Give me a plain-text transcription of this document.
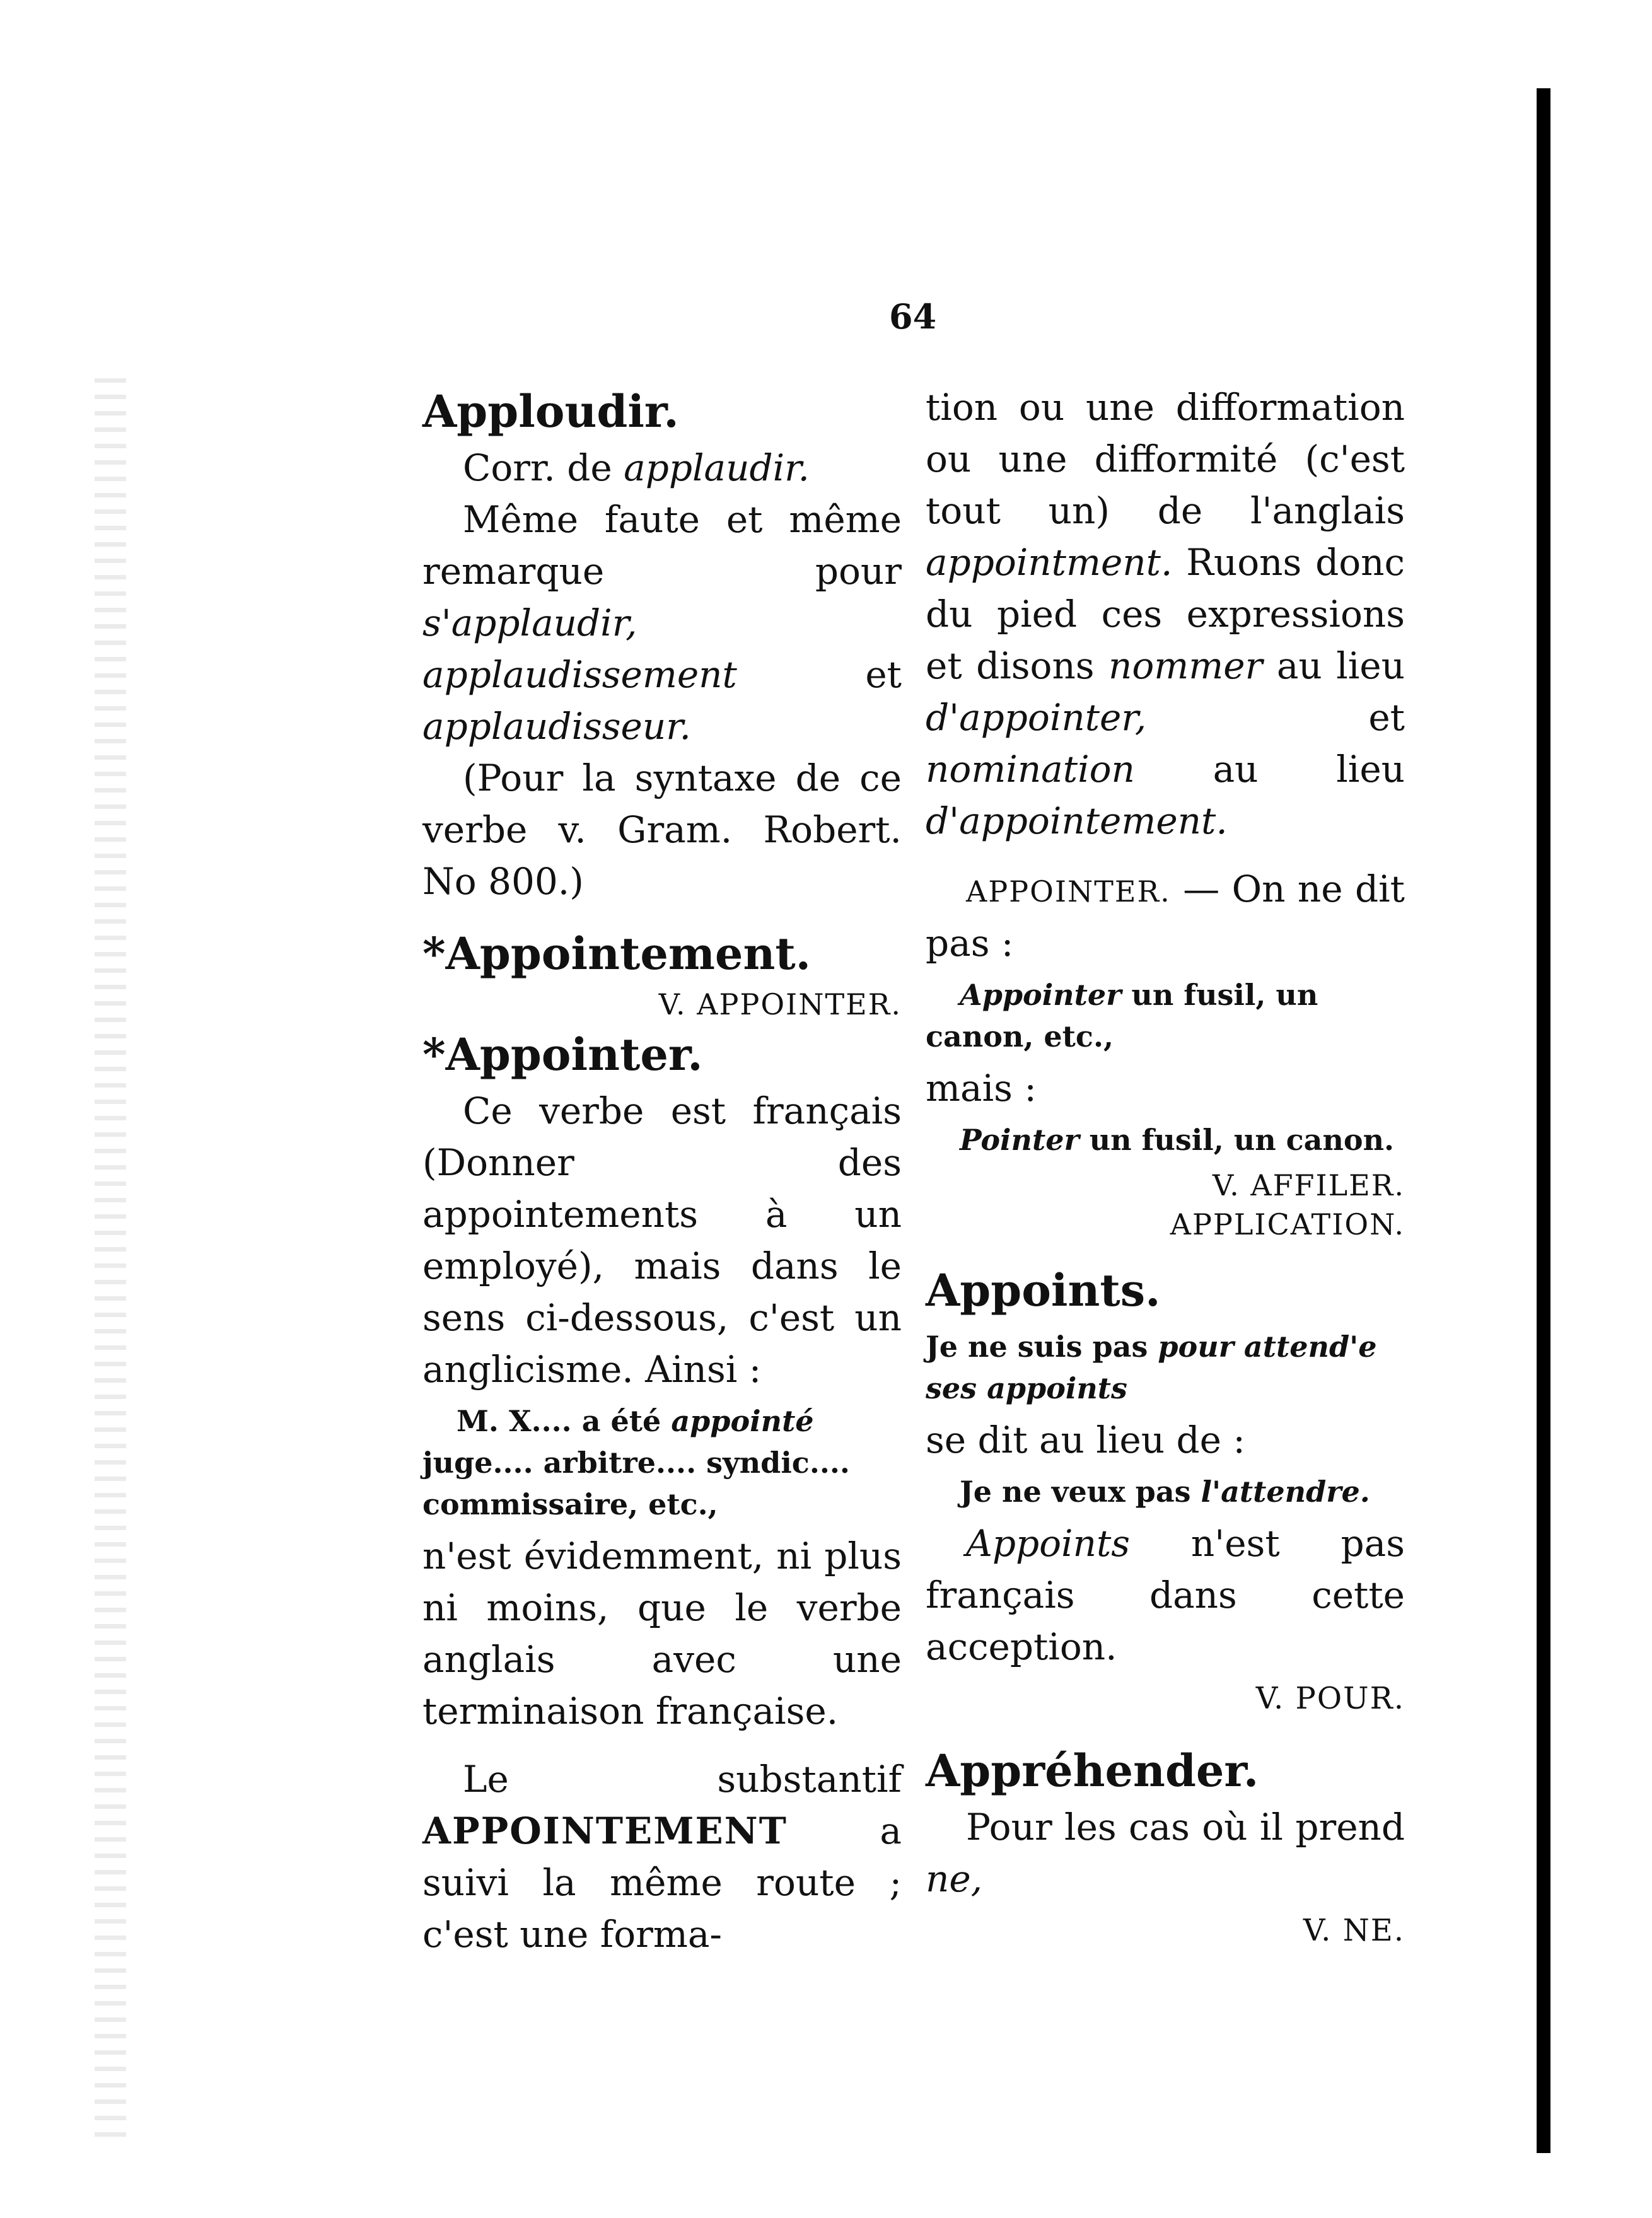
64

Apploudir.

Corr. de applaudir.

Même faute et même remarque pour s'applaudir, applaudissement et applaudisseur.

(Pour la syntaxe de ce verbe v. Gram. Robert. No 800.)

*Appointement.

V. APPOINTER.

*Appointer.

Ce verbe est français (Donner des appointements à un employé), mais dans le sens ci-dessous, c'est un anglicisme. Ainsi :

M. X.... a été appointé juge.... arbitre.... syndic.... commissaire, etc.,

n'est évidemment, ni plus ni moins, que le verbe anglais avec une terminaison française.

Le substantif APPOINTEMENT a suivi la même route ; c'est une forma-

tion ou une difformation ou une difformité (c'est tout un) de l'anglais appointment. Ruons donc du pied ces expressions et disons nommer au lieu d'appointer, et nomination au lieu d'appointement.

APPOINTER. — On ne dit pas :

Appointer un fusil, un canon, etc.,

mais :

Pointer un fusil, un canon.

V. AFFILER.

APPLICATION.

Appoints.

Je ne suis pas pour attend'e ses appoints

se dit au lieu de :

Je ne veux pas l'attendre.

Appoints n'est pas français dans cette acception.

V. POUR.

Appréhender.

Pour les cas où il prend ne,

V. NE.
